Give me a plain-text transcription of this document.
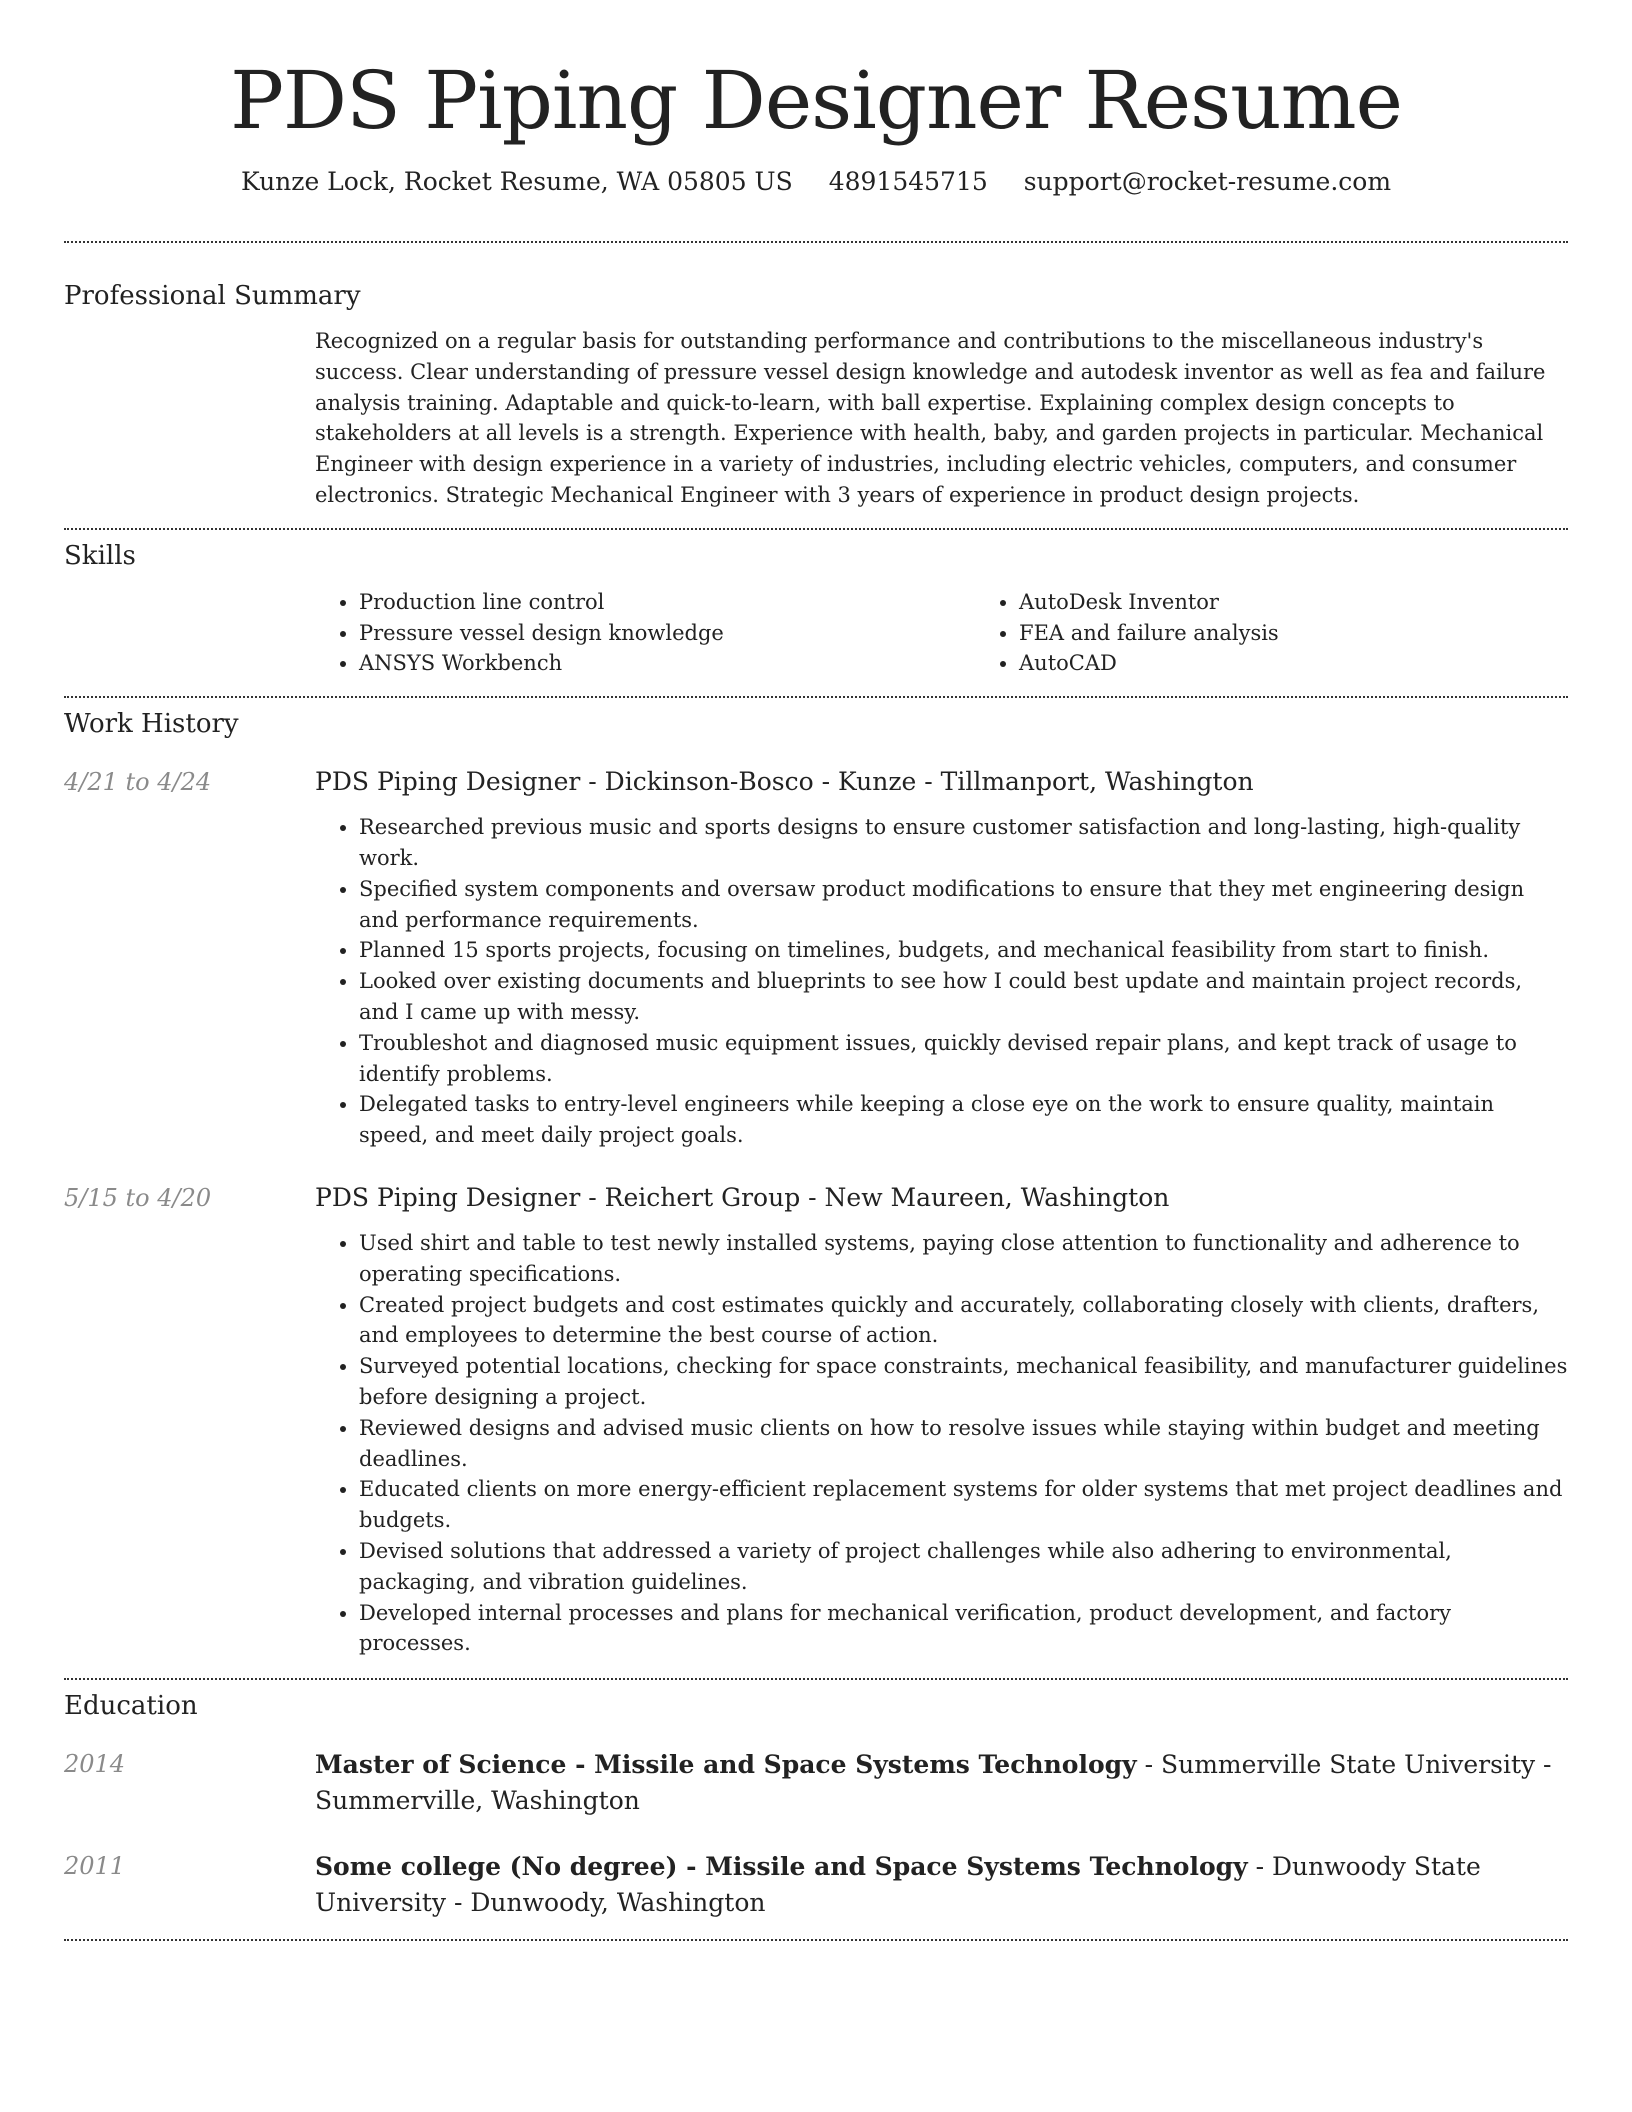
PDS Piping Designer Resume
Kunze Lock, Rocket Resume, WA 05805 US 4891545715 support@rocket-resume.com
Professional Summary

Recognized on a regular basis for outstanding performance and contributions to the miscellaneous industry's success. Clear understanding of pressure vessel design knowledge and autodesk inventor as well as fea and failure analysis training. Adaptable and quick-to-learn, with ball expertise. Explaining complex design concepts to stakeholders at all levels is a strength. Experience with health, baby, and garden projects in particular. Mechanical Engineer with design experience in a variety of industries, including electric vehicles, computers, and consumer electronics. Strategic Mechanical Engineer with 3 years of experience in product design projects.

Skills
• Production line control
• Pressure vessel design knowledge
• ANSYS Workbench
• AutoDesk Inventor
• FEA and failure analysis
• AutoCAD
Work History
4/21 to 4/24	PDS Piping Designer - Dickinson-Bosco - Kunze - Tillmanport, Washington

• Researched previous music and sports designs to ensure customer satisfaction and long-lasting, high-quality work.
• Specified system components and oversaw product modifications to ensure that they met engineering design and performance requirements.
• Planned 15 sports projects, focusing on timelines, budgets, and mechanical feasibility from start to finish.
• Looked over existing documents and blueprints to see how I could best update and maintain project records, and I came up with messy.
• Troubleshot and diagnosed music equipment issues, quickly devised repair plans, and kept track of usage to identify problems.
• Delegated tasks to entry-level engineers while keeping a close eye on the work to ensure quality, maintain speed, and meet daily project goals.
5/15 to 4/20	PDS Piping Designer - Reichert Group - New Maureen, Washington

• Used shirt and table to test newly installed systems, paying close attention to functionality and adherence to operating specifications.
• Created project budgets and cost estimates quickly and accurately, collaborating closely with clients, drafters, and employees to determine the best course of action.
• Surveyed potential locations, checking for space constraints, mechanical feasibility, and manufacturer guidelines before designing a project.
• Reviewed designs and advised music clients on how to resolve issues while staying within budget and meeting deadlines.
• Educated clients on more energy-efficient replacement systems for older systems that met project deadlines and budgets.
• Devised solutions that addressed a variety of project challenges while also adhering to environmental, packaging, and vibration guidelines.
• Developed internal processes and plans for mechanical verification, product development, and factory processes.
Education
2014	Master of Science - Missile and Space Systems Technology - Summerville State University - Summerville, Washington

2011	Some college (No degree) - Missile and Space Systems Technology - Dunwoody State University - Dunwoody, Washington
